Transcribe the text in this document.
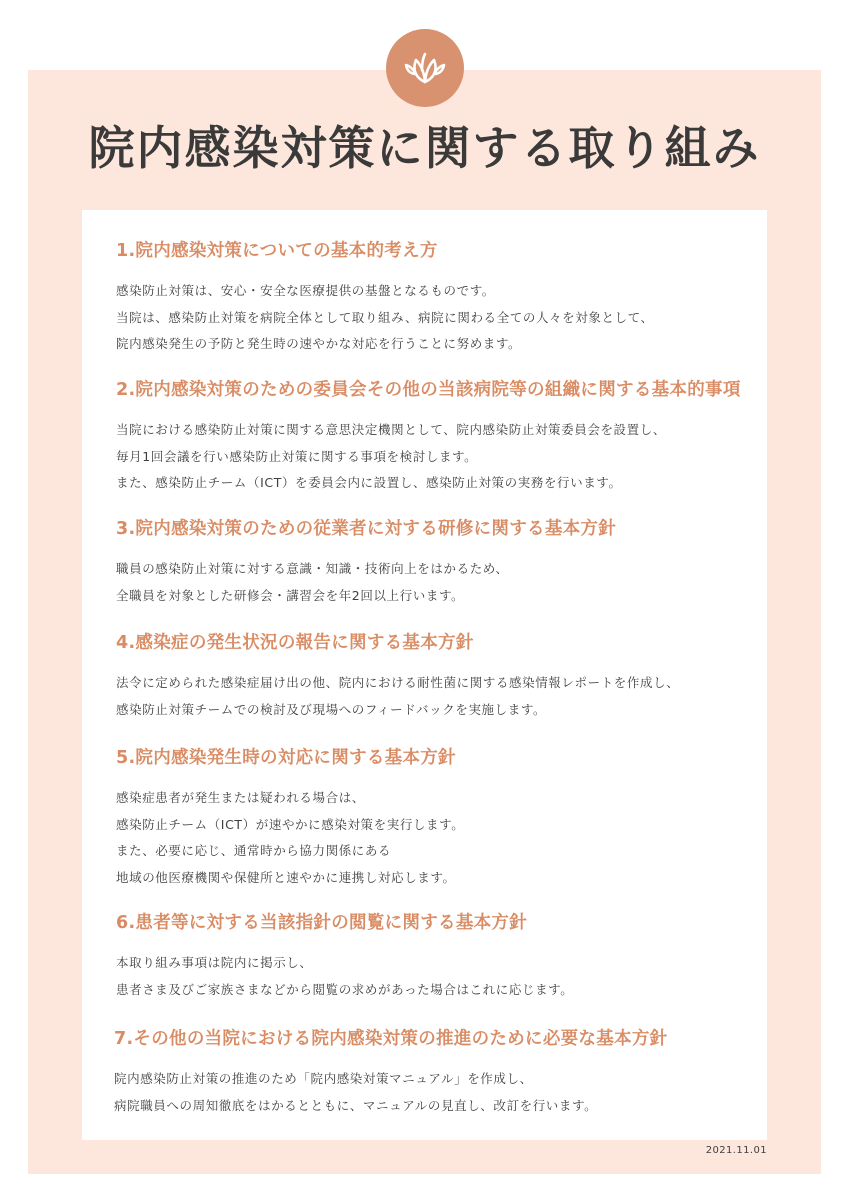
院内感染対策に関する取り組み
1.院内感染対策についての基本的考え方
感染防止対策は、安心・安全な医療提供の基盤となるものです。
当院は、感染防止対策を病院全体として取り組み、病院に関わる全ての人々を対象として、
院内感染発生の予防と発生時の速やかな対応を行うことに努めます。
2.院内感染対策のための委員会その他の当該病院等の組織に関する基本的事項
当院における感染防止対策に関する意思決定機関として、院内感染防止対策委員会を設置し、
毎月1回会議を行い感染防止対策に関する事項を検討します。
また、感染防止チーム（ICT）を委員会内に設置し、感染防止対策の実務を行います。
3.院内感染対策のための従業者に対する研修に関する基本方針
職員の感染防止対策に対する意識・知識・技術向上をはかるため、
全職員を対象とした研修会・講習会を年2回以上行います。
4.感染症の発生状況の報告に関する基本方針
法令に定められた感染症届け出の他、院内における耐性菌に関する感染情報レポートを作成し、
感染防止対策チームでの検討及び現場へのフィードバックを実施します。
5.院内感染発生時の対応に関する基本方針
感染症患者が発生または疑われる場合は、
感染防止チーム（ICT）が速やかに感染対策を実行します。
また、必要に応じ、通常時から協力関係にある
地域の他医療機関や保健所と速やかに連携し対応します。
6.患者等に対する当該指針の閲覧に関する基本方針
本取り組み事項は院内に掲示し、
患者さま及びご家族さまなどから閲覧の求めがあった場合はこれに応じます。
7.その他の当院における院内感染対策の推進のために必要な基本方針
院内感染防止対策の推進のため「院内感染対策マニュアル」を作成し、
病院職員への周知徹底をはかるとともに、マニュアルの見直し、改訂を行います。
2021.11.01
